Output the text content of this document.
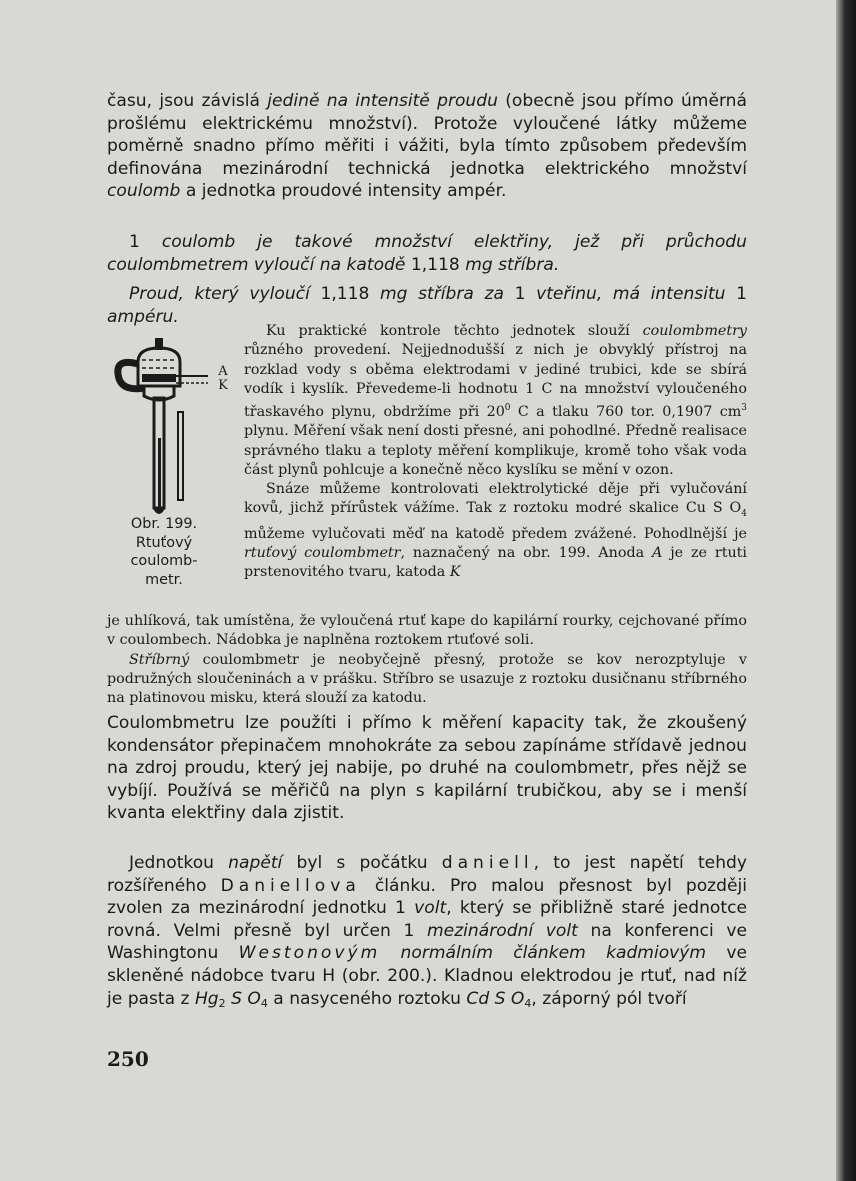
času, jsou závislá jedině na intensitě proudu (obecně jsou přímo úměrná prošlému elektrickému množství). Protože vyloučené látky můžeme poměrně snadno přímo měřiti i vážiti, byla tímto způsobem především definována mezinárodní technická jednotka elektrického množství coulomb a jednotka proudové intensity ampér.

1 coulomb je takové množství elektřiny, jež při průchodu coulombmetrem vyloučí na katodě 1,118 mg stříbra.

Proud, který vyloučí 1,118 mg stříbra za 1 vteřinu, má intensitu 1 ampéru.

A
K

Obr. 199.
Rtuťový
coulomb-
metr.

Ku praktické kontrole těchto jednotek slouží coulombmetry různého provedení. Nejjednodušší z nich je obvyklý přístroj na rozklad vody s oběma elektrodami v jediné trubici, kde se sbírá vodík i kyslík. Převedeme-li hodnotu 1 C na množství vyloučeného třaskavého plynu, obdržíme při $20^0$ C a tlaku 760 tor. 0,1907 $cm^3$ plynu. Měření však není dosti přesné, ani pohodlné. Předně realisace správného tlaku a teploty měření komplikuje, kromě toho však voda část plynů pohlcuje a konečně něco kyslíku se mění v ozon.

Snáze můžeme kontrolovati elektrolytické děje při vylučování kovů, jichž přírůstek vážíme. Tak z roztoku modré skalice Cu S $O_4$ můžeme vylučovati měď na katodě předem zvážené. Pohodlnější je rtuťový coulombmetr, naznačený na obr. 199. Anoda A je ze rtuti prstenovitého tvaru, katoda K

je uhlíková, tak umístěna, že vyloučená rtuť kape do kapilární rourky, cejchované přímo v coulombech. Nádobka je naplněna roztokem rtuťové soli.
Stříbrný coulombmetr je neobyčejně přesný, protože se kov nerozptyluje v podružných sloučeninách a v prášku. Stříbro se usazuje z roztoku dusičnanu stříbrného na platinovou misku, která slouží za katodu.

Coulombmetru lze použíti i přímo k měření kapacity tak, že zkoušený kondensátor přepinačem mnohokráte za sebou zapínáme střídavě jednou na zdroj proudu, který jej nabije, po druhé na coulombmetr, přes nějž se vybíjí. Používá se měřičů na plyn s kapilární trubičkou, aby se i menší kvanta elektřiny dala zjistit.

Jednotkou napětí byl s počátku daniell, to jest napětí tehdy rozšířeného Daniellova článku. Pro malou přesnost byl později zvolen za mezinárodní jednotku 1 volt, který se přibližně staré jednotce rovná. Velmi přesně byl určen 1 mezinárodní volt na konferenci ve Washingtonu Westonovým normálním článkem kadmiovým ve skleněné nádobce tvaru H (obr. 200.). Kladnou elektrodou je rtuť, nad níž je pasta z $Hg_2$ S $O_4$ a nasyceného roztoku Cd S $O_4$, záporný pól tvoří

250
